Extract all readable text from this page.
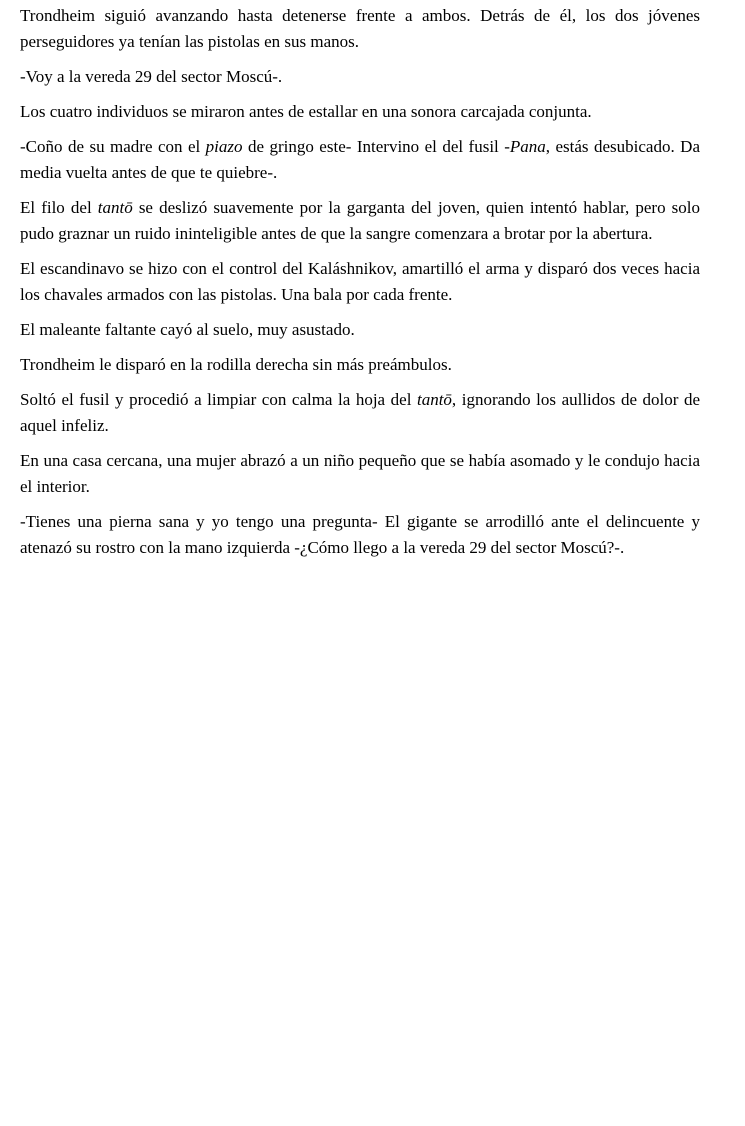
Trondheim siguió avanzando hasta detenerse frente a ambos. Detrás de él, los dos jóvenes perseguidores ya tenían las pistolas en sus manos.

-Voy a la vereda 29 del sector Moscú-.

Los cuatro individuos se miraron antes de estallar en una sonora carcajada conjunta.

-Coño de su madre con el piazo de gringo este- Intervino el del fusil -Pana, estás desubicado. Da media vuelta antes de que te quiebre-.

El filo del tantō se deslizó suavemente por la garganta del joven, quien intentó hablar, pero solo pudo graznar un ruido ininteligible antes de que la sangre comenzara a brotar por la abertura.

El escandinavo se hizo con el control del Kaláshnikov, amartilló el arma y disparó dos veces hacia los chavales armados con las pistolas. Una bala por cada frente.

El maleante faltante cayó al suelo, muy asustado.

Trondheim le disparó en la rodilla derecha sin más preámbulos.

Soltó el fusil y procedió a limpiar con calma la hoja del tantō, ignorando los aullidos de dolor de aquel infeliz.

En una casa cercana, una mujer abrazó a un niño pequeño que se había asomado y le condujo hacia el interior.

-Tienes una pierna sana y yo tengo una pregunta- El gigante se arrodilló ante el delincuente y atenazó su rostro con la mano izquierda -¿Cómo llego a la vereda 29 del sector Moscú?-.
